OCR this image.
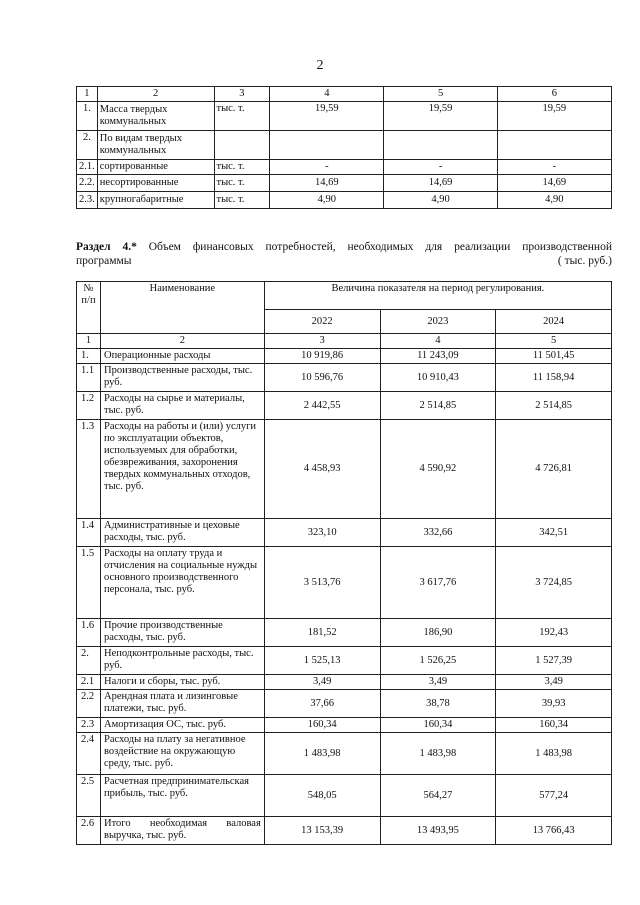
2
1	2	3	4	5	6
1.	Масса твердых коммунальных	тыс. т.	19,59	19,59	19,59
2.	По видам твердых коммунальных				
2.1.	сортированные	тыс. т.	-	-	-
2.2.	несортированные	тыс. т.	14,69	14,69	14,69
2.3.	крупногабаритные	тыс. т.	4,90	4,90	4,90
Раздел 4.* Объем финансовых потребностей, необходимых для реализации производственной
программы	( тыс. руб.)
№ п/п	Наименование	Величина показателя на период регулирования.		
		2022	2023	2024
1	2	3	4	5
1.	Операционные расходы	10 919,86	11 243,09	11 501,45
1.1	Производственные расходы, тыс. руб.	10 596,76	10 910,43	11 158,94
1.2	Расходы на сырье и материалы, тыс. руб.	2 442,55	2 514,85	2 514,85
1.3	Расходы на работы и (или) услуги по эксплуатации объектов, используемых для обработки, обезвреживания, захоронения твердых коммунальных отходов, тыс. руб.	4 458,93	4 590,92	4 726,81
1.4	Административные и цеховые расходы, тыс. руб.	323,10	332,66	342,51
1.5	Расходы на оплату труда и отчисления на социальные нужды основного производственного персонала, тыс. руб.	3 513,76	3 617,76	3 724,85
1.6	Прочие производственные расходы, тыс. руб.	181,52	186,90	192,43
2.	Неподконтрольные расходы, тыс. руб.	1 525,13	1 526,25	1 527,39
2.1	Налоги и сборы, тыс. руб.	3,49	3,49	3,49
2.2	Арендная плата и лизинговые платежи, тыс. руб.	37,66	38,78	39,93
2.3	Амортизация ОС, тыс. руб.	160,34	160,34	160,34
2.4	Расходы на плату за негативное воздействие на окружающую среду, тыс. руб.	1 483,98	1 483,98	1 483,98
2.5	Расчетная предпринимательская прибыль, тыс. руб.	548,05	564,27	577,24
2.6	Итого необходимая валовая выручка, тыс. руб.	13 153,39	13 493,95	13 766,43
